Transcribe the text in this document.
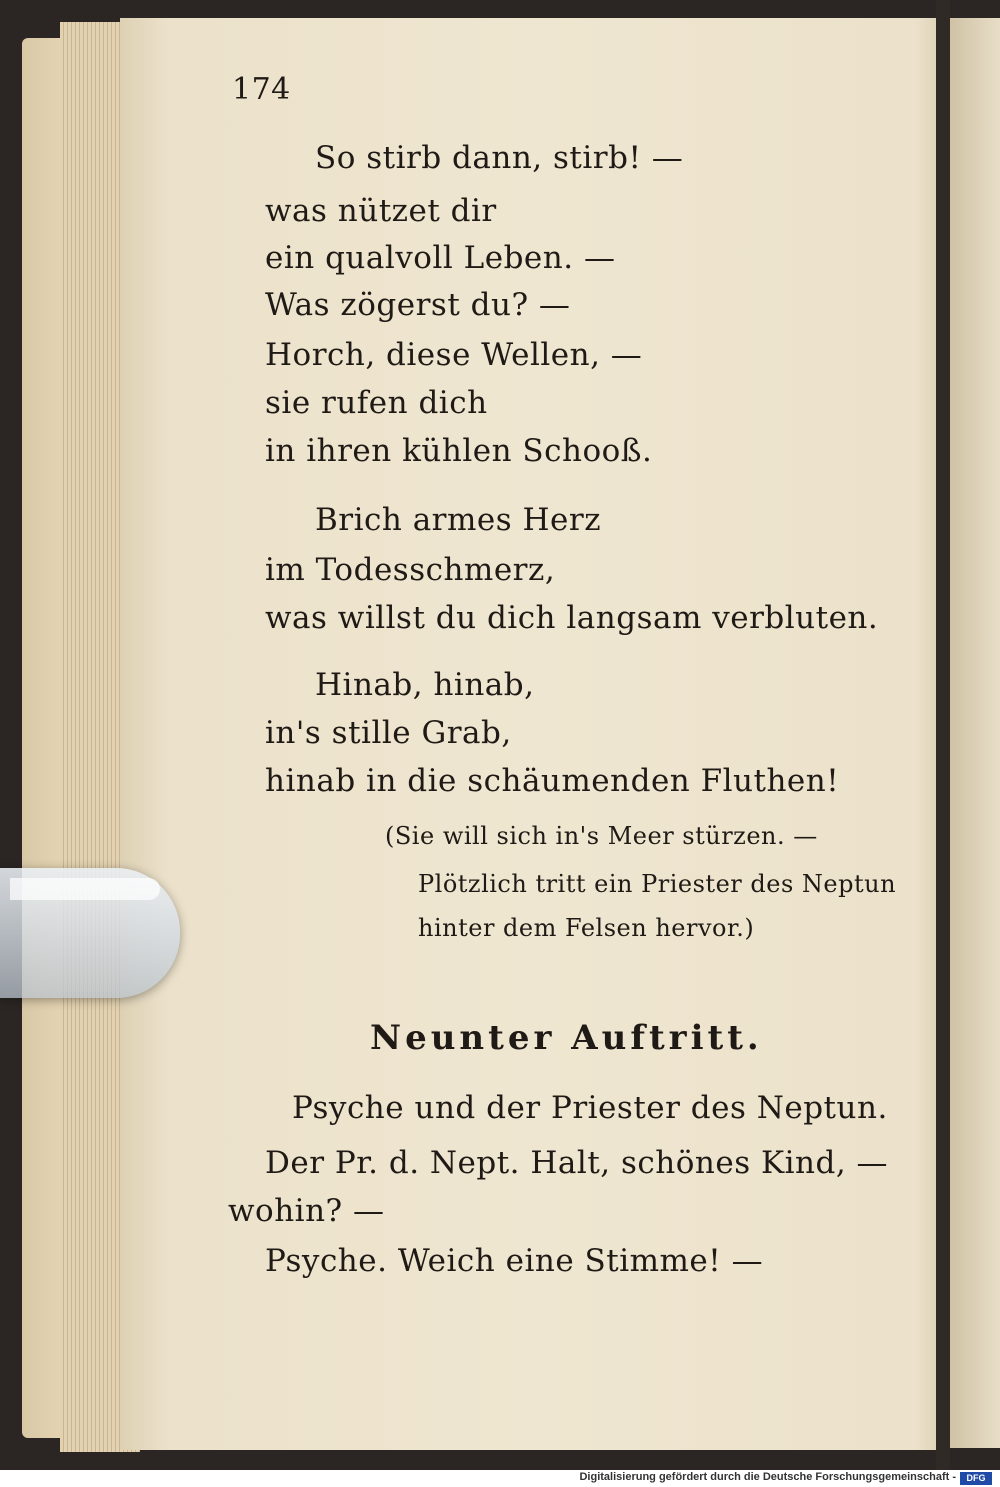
174
So stirb dann, stirb! —
was nützet dir
ein qualvoll Leben. —
Was zögerst du? —
Horch, diese Wellen, —
sie rufen dich
in ihren kühlen Schooß.
Brich armes Herz
im Todesschmerz,
was willst du dich langsam verbluten.
Hinab, hinab,
in's stille Grab,
hinab in die schäumenden Fluthen!
(Sie will sich in's Meer stürzen. —
Plötzlich tritt ein Priester des Neptun
hinter dem Felsen hervor.)
Neunter Auftritt.
Psyche und der Priester des Neptun.
Der Pr. d. Nept. Halt, schönes Kind, —
wohin? —
Psyche. Weich eine Stimme! —
Digitalisierung gefördert durch die Deutsche Forschungsgemeinschaft -	DFG
